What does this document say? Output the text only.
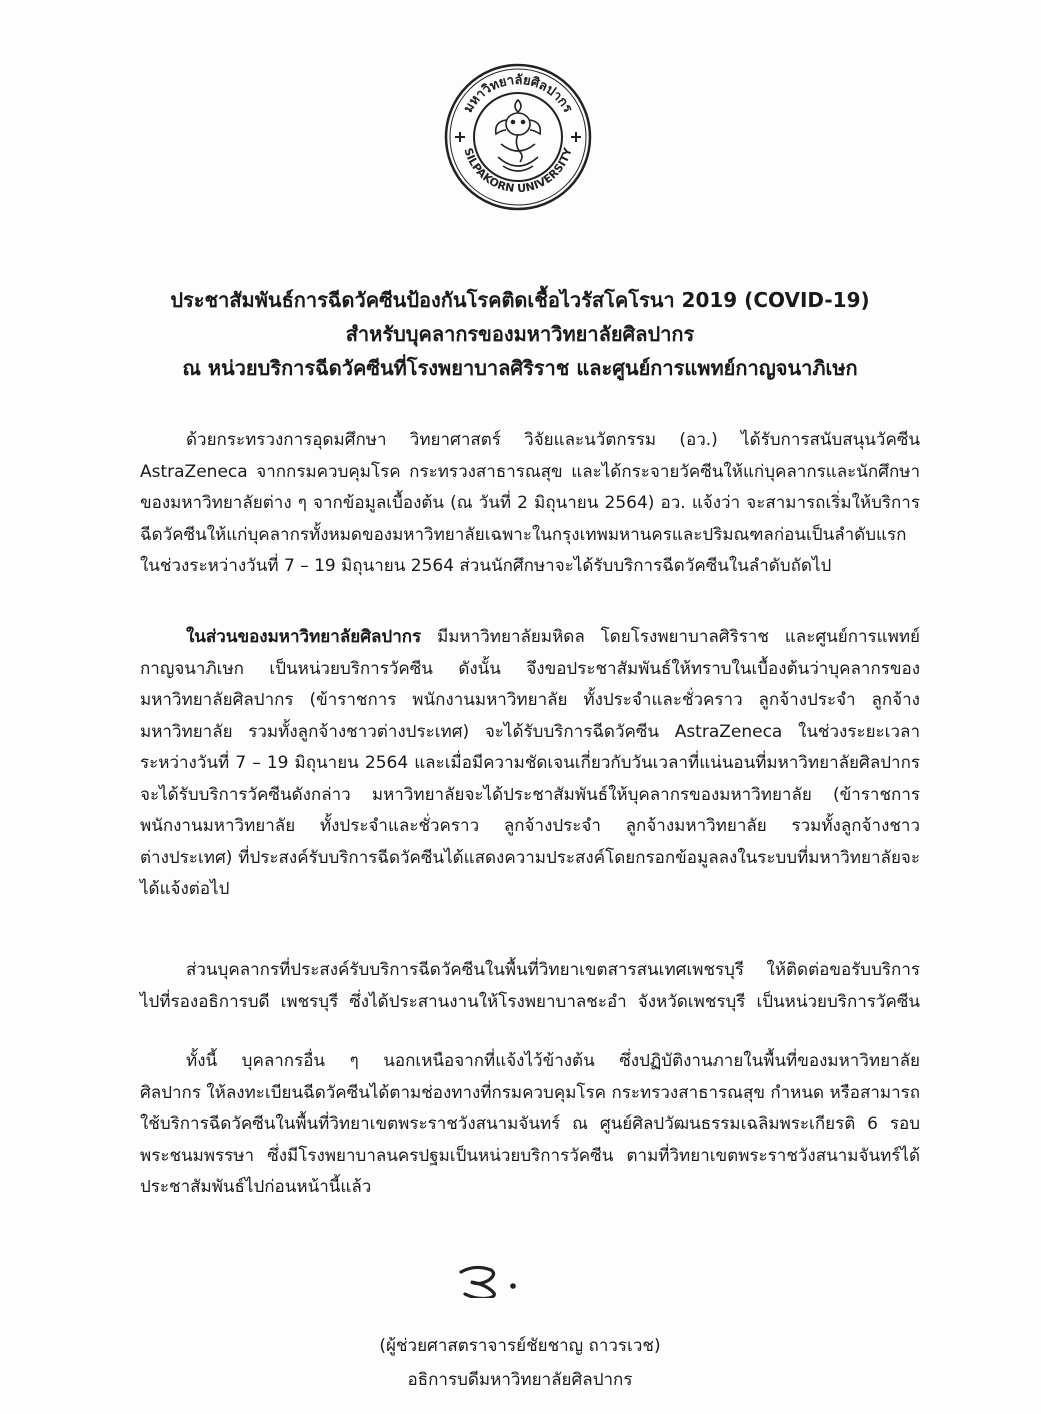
มหาวิทยาลัยศิลปากร
SILPAKORN UNIVERSITY
ประชาสัมพันธ์การฉีดวัคซีนป้องกันโรคติดเชื้อไวรัสโคโรนา 2019 (COVID-19)
สำหรับบุคลากรของมหาวิทยาลัยศิลปากร
ณ หน่วยบริการฉีดวัคซีนที่โรงพยาบาลศิริราช และศูนย์การแพทย์กาญจนาภิเษก
ด้วยกระทรวงการอุดมศึกษา วิทยาศาสตร์ วิจัยและนวัตกรรม (อว.) ได้รับการสนับสนุนวัคซีน
AstraZeneca จากกรมควบคุมโรค กระทรวงสาธารณสุข และได้กระจายวัคซีนให้แก่บุคลากรและนักศึกษา
ของมหาวิทยาลัยต่าง ๆ จากข้อมูลเบื้องต้น (ณ วันที่ 2 มิถุนายน 2564) อว. แจ้งว่า จะสามารถเริ่มให้บริการ
ฉีดวัคซีนให้แก่บุคลากรทั้งหมดของมหาวิทยาลัยเฉพาะในกรุงเทพมหานครและปริมณฑลก่อนเป็นลำดับแรก
ในช่วงระหว่างวันที่ 7 – 19 มิถุนายน 2564 ส่วนนักศึกษาจะได้รับบริการฉีดวัคซีนในลำดับถัดไป
ในส่วนของมหาวิทยาลัยศิลปากร มีมหาวิทยาลัยมหิดล โดยโรงพยาบาลศิริราช และศูนย์การแพทย์
กาญจนาภิเษก เป็นหน่วยบริการวัคซีน ดังนั้น จึงขอประชาสัมพันธ์ให้ทราบในเบื้องต้นว่าบุคลากรของ
มหาวิทยาลัยศิลปากร (ข้าราชการ พนักงานมหาวิทยาลัย ทั้งประจำและชั่วคราว ลูกจ้างประจำ ลูกจ้าง
มหาวิทยาลัย รวมทั้งลูกจ้างชาวต่างประเทศ) จะได้รับบริการฉีดวัคซีน AstraZeneca ในช่วงระยะเวลา
ระหว่างวันที่ 7 – 19 มิถุนายน 2564 และเมื่อมีความชัดเจนเกี่ยวกับวันเวลาที่แน่นอนที่มหาวิทยาลัยศิลปากร
จะได้รับบริการวัคซีนดังกล่าว มหาวิทยาลัยจะได้ประชาสัมพันธ์ให้บุคลากรของมหาวิทยาลัย (ข้าราชการ
พนักงานมหาวิทยาลัย ทั้งประจำและชั่วคราว ลูกจ้างประจำ ลูกจ้างมหาวิทยาลัย รวมทั้งลูกจ้างชาว
ต่างประเทศ) ที่ประสงค์รับบริการฉีดวัคซีนได้แสดงความประสงค์โดยกรอกข้อมูลลงในระบบที่มหาวิทยาลัยจะ
ได้แจ้งต่อไป
ส่วนบุคลากรที่ประสงค์รับบริการฉีดวัคซีนในพื้นที่วิทยาเขตสารสนเทศเพชรบุรี ให้ติดต่อขอรับบริการ
ไปที่รองอธิการบดี เพชรบุรี ซึ่งได้ประสานงานให้โรงพยาบาลชะอำ จังหวัดเพชรบุรี เป็นหน่วยบริการวัคซีน
ทั้งนี้ บุคลากรอื่น ๆ นอกเหนือจากที่แจ้งไว้ข้างต้น ซึ่งปฏิบัติงานภายในพื้นที่ของมหาวิทยาลัย
ศิลปากร ให้ลงทะเบียนฉีดวัคซีนได้ตามช่องทางที่กรมควบคุมโรค กระทรวงสาธารณสุข กำหนด หรือสามารถ
ใช้บริการฉีดวัคซีนในพื้นที่วิทยาเขตพระราชวังสนามจันทร์ ณ ศูนย์ศิลปวัฒนธรรมเฉลิมพระเกียรติ 6 รอบ
พระชนมพรรษา ซึ่งมีโรงพยาบาลนครปฐมเป็นหน่วยบริการวัคซีน ตามที่วิทยาเขตพระราชวังสนามจันทร์ได้
ประชาสัมพันธ์ไปก่อนหน้านี้แล้ว
(ผู้ช่วยศาสตราจารย์ชัยชาญ ถาวรเวช)
อธิการบดีมหาวิทยาลัยศิลปากร
